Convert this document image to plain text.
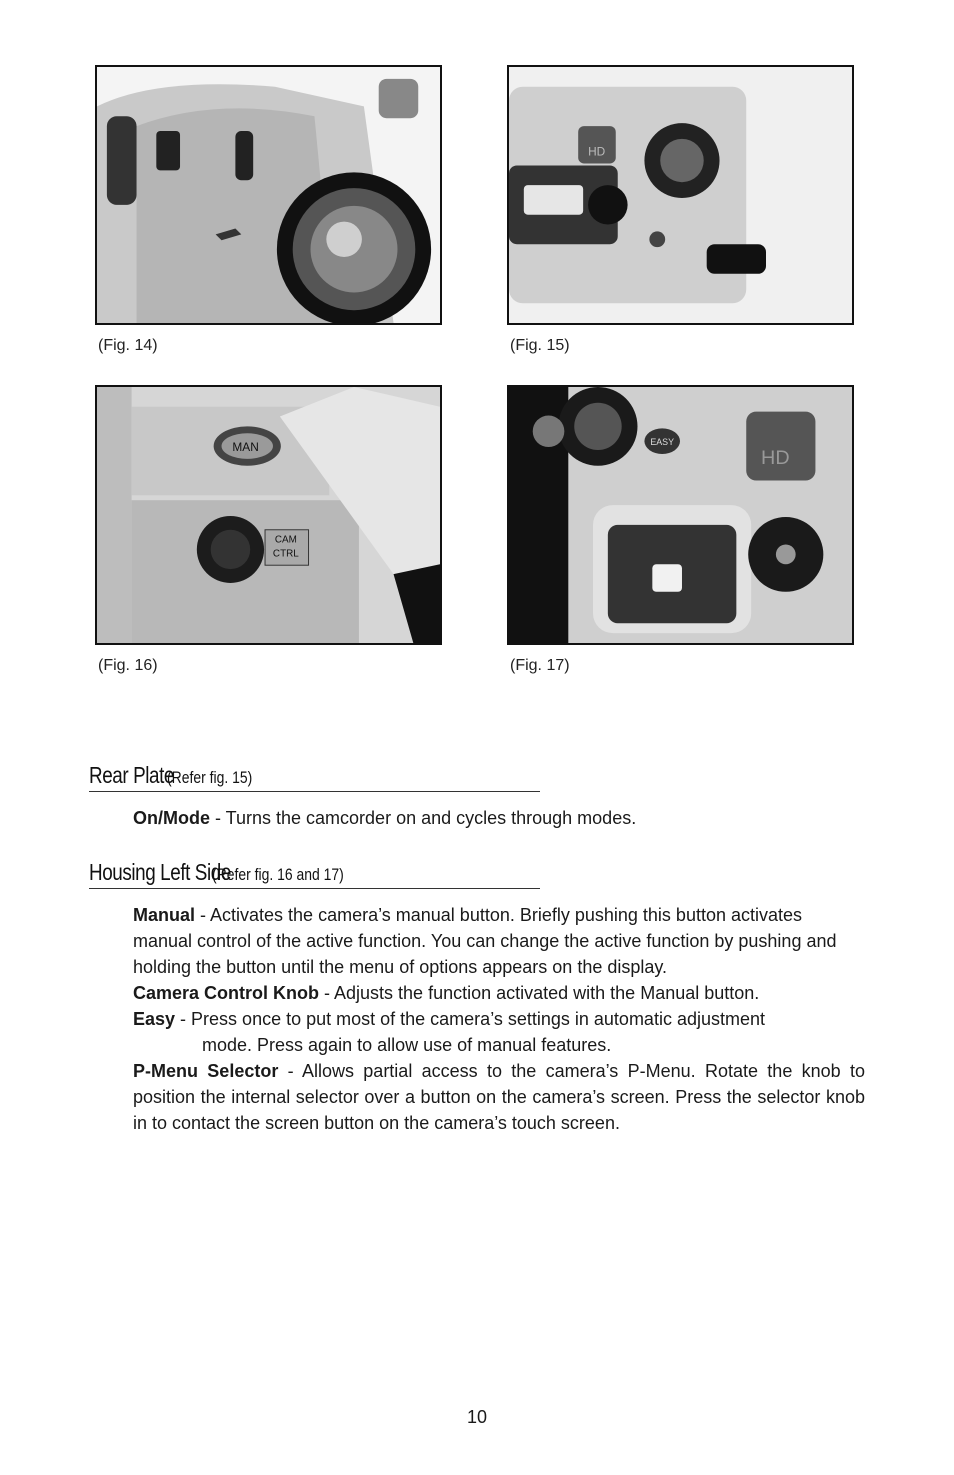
(Fig. 14)
HD
(Fig. 15)
MAN
CAM
CTRL
(Fig. 16)
EASY
HD
(Fig. 17)
Rear Plate (Refer fig. 15)
On/Mode - Turns the camcorder on and cycles through modes.
Housing Left Side (Refer fig. 16 and 17)
Manual - Activates the camera’s manual button. Briefly pushing this button activates manual control of the active function. You can change the active function by pushing and holding the button until the menu of options appears on the display.
Camera Control Knob - Adjusts the function activated with the Manual button.
Easy - Press once to put most of the camera’s settings in automatic adjustment
mode. Press again to allow use of manual features.
P-Menu Selector - Allows partial access to the camera’s P-Menu. Rotate the knob to position the internal selector over a button on the camera’s screen. Press the selector knob in to contact the screen button on the camera’s touch screen.
10
